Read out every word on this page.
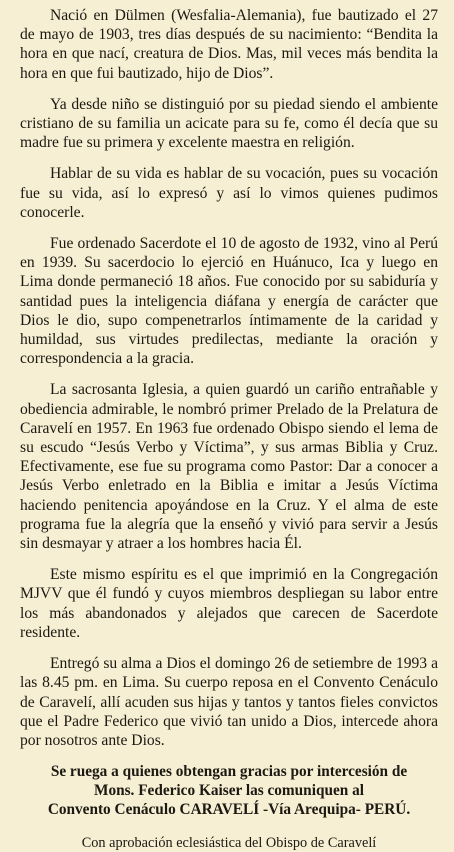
Nació en Dülmen (Wesfalia-Alemania), fue bautizado el 27 de mayo de 1903, tres días después de su nacimiento: “Bendita la hora en que nací, creatura de Dios. Mas, mil veces más bendita la hora en que fui bautizado, hijo de Dios”.

Ya desde niño se distinguió por su piedad siendo el ambiente cristiano de su familia un acicate para su fe, como él decía que su madre fue su primera y excelente maestra en religión.

Hablar de su vida es hablar de su vocación, pues su vocación fue su vida, así lo expresó y así lo vimos quienes pudimos conocerle.

Fue ordenado Sacerdote el 10 de agosto de 1932, vino al Perú en 1939. Su sacerdocio lo ejerció en Huánuco, Ica y luego en Lima donde permaneció 18 años. Fue conocido por su sabiduría y santidad pues la inteligencia diáfana y energía de carácter que Dios le dio, supo compenetrarlos íntimamente de la caridad y humildad, sus virtudes predilectas, mediante la oración y correspondencia a la gracia.

La sacrosanta Iglesia, a quien guardó un cariño entrañable y obediencia admirable, le nombró primer Prelado de la Prelatura de Caravelí en 1957. En 1963 fue ordenado Obispo siendo el lema de su escudo “Jesús Verbo y Víctima”, y sus armas Biblia y Cruz. Efectivamente, ese fue su programa como Pastor: Dar a conocer a Jesús Verbo enletrado en la Biblia e imitar a Jesús Víctima haciendo penitencia apoyándose en la Cruz. Y el alma de este programa fue la alegría que la enseñó y vivió para servir a Jesús sin desmayar y atraer a los hombres hacia Él.

Este mismo espíritu es el que imprimió en la Congregación MJVV que él fundó y cuyos miembros despliegan su labor entre los más abandonados y alejados que carecen de Sacerdote residente.

Entregó su alma a Dios el domingo 26 de setiembre de 1993 a las 8.45 pm. en Lima. Su cuerpo reposa en el Convento Cenáculo de Caravelí, allí acuden sus hijas y tantos y tantos fieles convictos que el Padre Federico que vivió tan unido a Dios, intercede ahora por nosotros ante Dios.

Se ruega a quienes obtengan gracias por intercesión de
Mons. Federico Kaiser las comuniquen al
Convento Cenáculo CARAVELÍ -Vía Arequipa- PERÚ.

Con aprobación eclesiástica del Obispo de Caravelí
